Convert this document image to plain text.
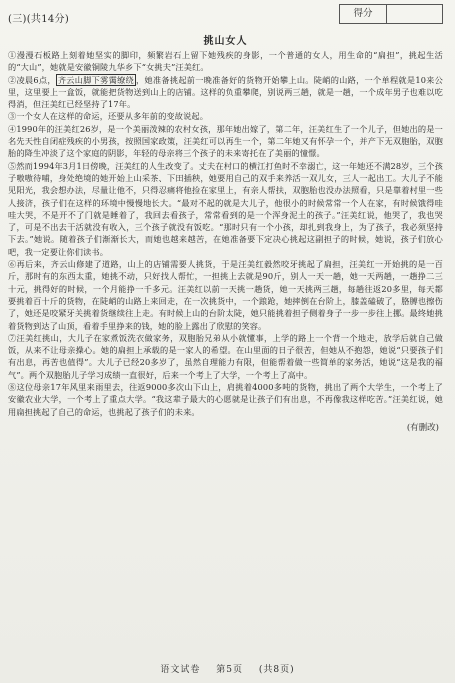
(三)(共14分)
得分
挑山女人

①漫漫石板路上刻着她坚实的脚印，频繁岩石上留下她残疾的身影，一个普通的女人，用生命的“扁担”，挑起生活的“大山”，她就是安徽铜陵九华乡下“女挑夫”汪美红。

②凌晨6点， 齐云山脚下雾霭缭绕 ，她准备挑起前一晚准备好的货物开始攀上山。陡峭的山路，一个单程就是10来公里，这里要上一盒饭，就能把货物送到山上的店铺。这样的负重攀爬，别说两三趟，就是一趟，一个成年男子也难以吃得消，但汪美红已经坚持了17年。

③一个女人在这样的命运，还要从多年前的变故说起。

④1990年的汪美红26岁，是一个美丽泼辣的农村女孩，那年她出嫁了，第二年，汪美红生了一个儿子，但她出的是一名先天性自闭症残疾的小男孩，按照国家政策，汪美红可以再生一个，第二年她又有怀孕一个，并产下无双胞胎，双胞胎的降生冲淡了这个家庭的阴影，年轻的母亲将三个孩子的未来寄托在了美丽的憧憬。

⑤然而1994年3月1日傍晚，汪美红的人生改变了。丈夫在村口的横江打鱼时不幸溺亡，这一年她还不满28岁，三个孩子嗷嗷待哺，身处绝境的她开始上山采茶、下田插秧，她要用自己的双手来养活一双儿女，三人一起出工。大儿子不能见阳光，我会想办法，尽量让他不，只得忍痛将他捡在家里上，有亲人帮扶，双胞胎也没办法照看，只是靠着村里一些人接济，孩子们在这样的环境中慢慢地长大。“最对不起的就是大儿子，他很小的时候常常一个人在家，有时候饿得哇哇大哭，不是开不了门就是睡着了，我回去看孩子，常常看到的是一个浑身泥土的孩子。”汪美红说，他哭了，我也哭了，可是不出去干活就没有收入，三个孩子就没有饭吃。“那时只有一个小孩，却扎到我身上，为了孩子，我必须坚持下去。”她说。随着孩子们渐渐长大，而她也越来越苦，在她准备要下定决心挑起这副担子的时候，她说，孩子们放心吧，我一定要让你们读书。

⑥再后来，齐云山修建了道路，山上的店铺需要人挑货，于是汪美红毅然咬牙挑起了扁担，汪美红一开始挑的是一百斤，那时有的东西太重，她挑不动，只好找人帮忙，一担挑上去就是90斤，别人一天一趟，她一天两趟，一趟挣二三十元，挑得好的时候，一个月能挣一千多元。汪美红以前一天挑一趟货，她一天挑两三趟，每趟往返20多里，每天都要挑着百十斤的货物，在陡峭的山路上来回走，在一次挑货中，一个踉跄，她摔倒在台阶上，膝盖磕破了，胳膊也擦伤了，她还是咬紧牙关挑着货继续往上走。有时候上山的台阶太陡，她只能挑着担子侧着身子一步一步往上挪。最终她挑着货物到达了山顶，看着手里挣来的钱，她的脸上露出了欣慰的笑容。

⑦汪美红挑山，大儿子在家煮饭洗衣做家务，双胞胎兄弟从小就懂事，上学的路上一个背一个地走，放学后就自己做饭，从来不让母亲操心。她的扁担上承载的是一家人的希望。在山里面的日子很苦，但她从不抱怨，她说“只要孩子们有出息，再苦也值得”。大儿子已经20多岁了，虽然自理能力有限，但能帮着做一些简单的家务活，她说“这是我的福气”。两个双胞胎儿子学习成绩一直很好，后来一个考上了大学，一个考上了高中。

⑧这位母亲17年风里来雨里去，往返9000多次山下山上，肩挑着4000多吨的货物，挑出了两个大学生，一个考上了安徽农业大学，一个考上了重点大学。“我这辈子最大的心愿就是让孩子们有出息，不再像我这样吃苦。”汪美红说，她用扁担挑起了自己的命运，也挑起了孩子们的未来。

(有删改)
语文试卷 第5页 (共8页)
